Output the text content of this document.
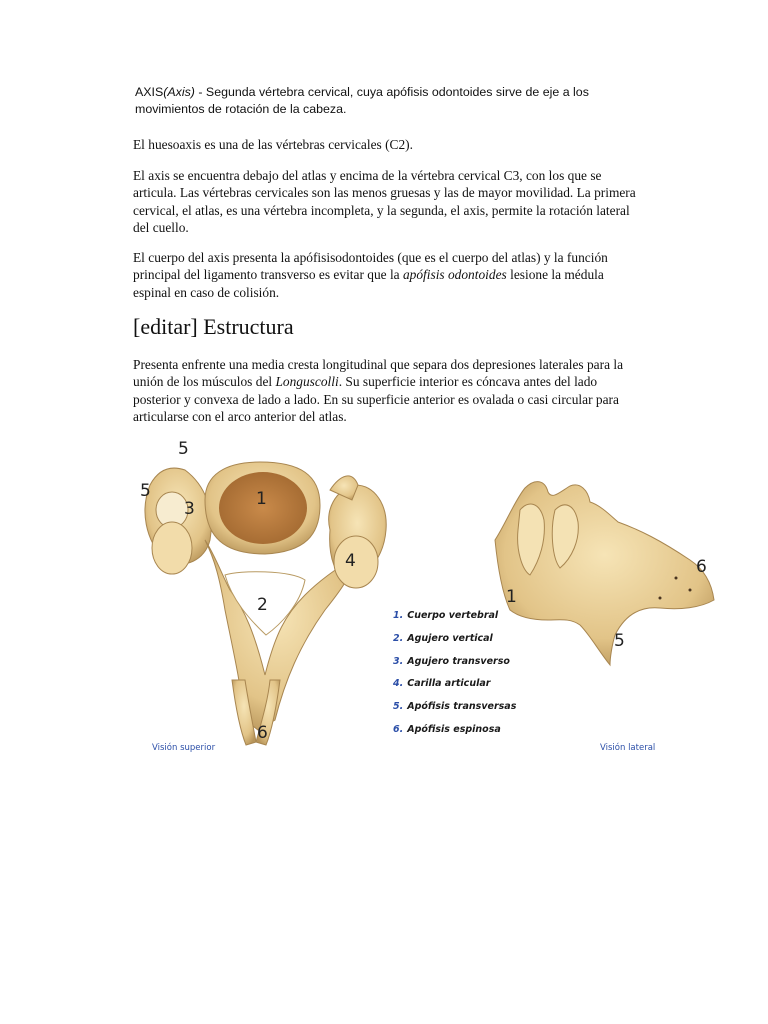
AXIS(Axis) - Segunda vértebra cervical, cuya apófisis odontoides sirve de eje a los movimientos de rotación de la cabeza.

El huesoaxis es una de las vértebras cervicales (C2).

El axis se encuentra debajo del atlas y encima de la vértebra cervical C3, con los que se articula. Las vértebras cervicales son las menos gruesas y las de mayor movilidad. La primera cervical, el atlas, es una vértebra incompleta, y la segunda, el axis, permite la rotación lateral del cuello.

El cuerpo del axis presenta la apófisisodontoides (que es el cuerpo del atlas) y la función principal del ligamento transverso es evitar que la apófisis odontoides lesione la médula espinal en caso de colisión.

[editar] Estructura

Presenta enfrente una media cresta longitudinal que separa dos depresiones laterales para la unión de los músculos del Longuscolli. Su superficie interior es cóncava antes del lado posterior y convexa de lado a lado. En su superficie anterior es ovalada o casi circular para articularse con el arco anterior del atlas.

5
5
3	1
4
2
6
1
6
5
1. Cuerpo vertebral
2. Agujero vertical
3. Agujero transverso
4. Carilla articular
5. Apófisis transversas
6. Apófisis espinosa
Visión superior	Visión lateral
